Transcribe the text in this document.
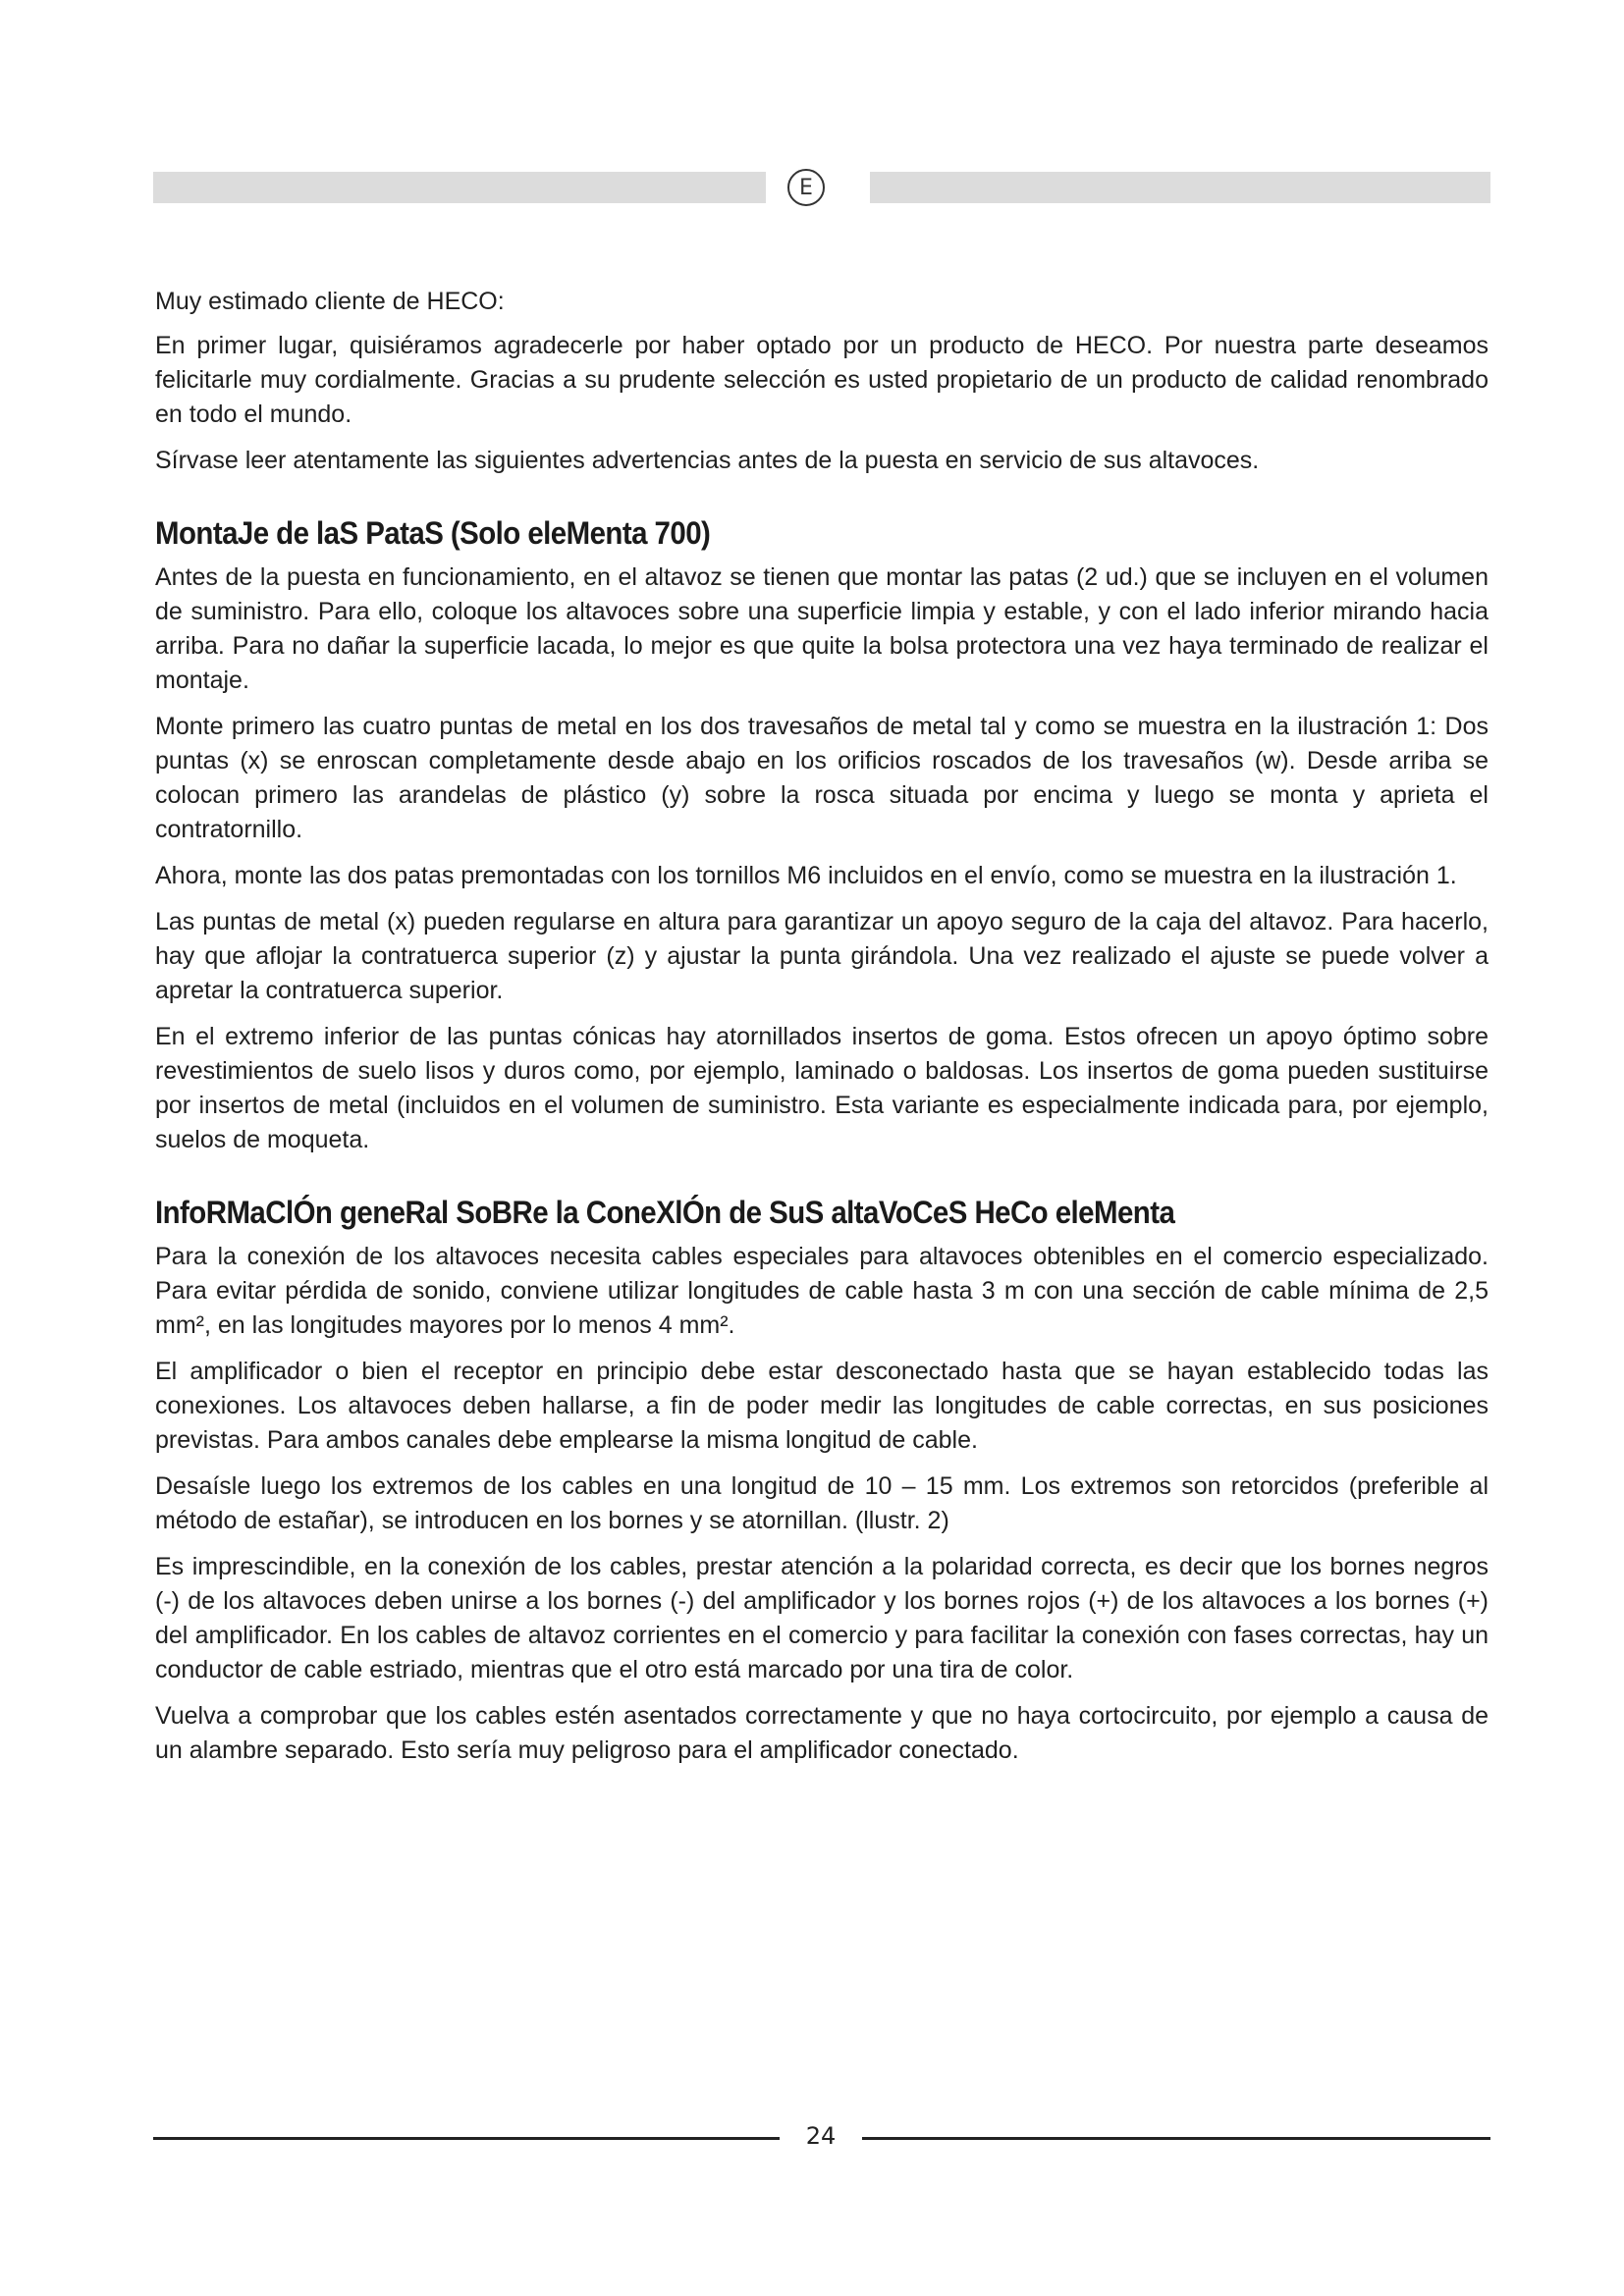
E

Muy estimado cliente de HECO:

En primer lugar, quisiéramos agradecerle por haber optado por un producto de HECO. Por nuestra parte deseamos felicitarle muy cordialmente. Gracias a su prudente selección es usted propietario de un producto de calidad renombrado en todo el mundo.

Sírvase leer atentamente las siguientes advertencias antes de la puesta en servicio de sus altavoces.

MontaJe de laS PataS (Solo eleMenta 700)

Antes de la puesta en funcionamiento, en el altavoz se tienen que montar las patas (2 ud.) que se incluyen en el volumen de suministro. Para ello, coloque los altavoces sobre una superficie limpia y estable, y con el lado inferior mirando hacia arriba. Para no dañar la superficie lacada, lo mejor es que quite la bolsa protectora una vez haya terminado de realizar el montaje.

Monte primero las cuatro puntas de metal en los dos travesaños de metal tal y como se muestra en la ilustración 1: Dos puntas (x) se enroscan completamente desde abajo en los orificios roscados de los travesaños (w). Desde arriba se colocan primero las arandelas de plástico (y) sobre la rosca situada por encima y luego se monta y aprieta el contratornillo.

Ahora, monte las dos patas premontadas con los tornillos M6 incluidos en el envío, como se muestra en la ilustración 1.

Las puntas de metal (x) pueden regularse en altura para garantizar un apoyo seguro de la caja del altavoz. Para hacerlo, hay que aflojar la contratuerca superior (z) y ajustar la punta girándola. Una vez realizado el ajuste se puede volver a apretar la contratuerca superior.

En el extremo inferior de las puntas cónicas hay atornillados insertos de goma. Estos ofrecen un apoyo óptimo sobre revestimientos de suelo lisos y duros como, por ejemplo, laminado o baldosas. Los insertos de goma pueden sustituirse por insertos de metal (incluidos en el volumen de suministro. Esta variante es especialmente indicada para, por ejemplo, suelos de moqueta.

InfoRMaClÓn geneRal SoBRe la ConeXlÓn de SuS altaVoCeS HeCo eleMenta

Para la conexión de los altavoces necesita cables especiales para altavoces obtenibles en el comercio especializado. Para evitar pérdida de sonido, conviene utilizar longitudes de cable hasta 3 m con una sección de cable mínima de 2,5 mm², en las longitudes mayores por lo menos 4 mm².

El amplificador o bien el receptor en principio debe estar desconectado hasta que se hayan establecido todas las conexiones. Los altavoces deben hallarse, a fin de poder medir las longitudes de cable correctas, en sus posiciones previstas. Para ambos canales debe emplearse la misma longitud de cable.

Desaísle luego los extremos de los cables en una longitud de 10 – 15 mm. Los extremos son retorcidos (preferible al método de estañar), se introducen en los bornes y se atornillan. (llustr. 2)

Es imprescindible, en la conexión de los cables, prestar atención a la polaridad correcta, es decir que los bornes negros (-) de los altavoces deben unirse a los bornes (-) del amplificador y los bornes rojos (+) de los altavoces a los bornes (+) del amplificador. En los cables de altavoz corrientes en el comercio y para facilitar la conexión con fases correctas, hay un conductor de cable estriado, mientras que el otro está marcado por una tira de color.

Vuelva a comprobar que los cables estén asentados correctamente y que no haya cortocircuito, por ejemplo a causa de un alambre separado. Esto sería muy peligroso para el amplificador conectado.

24
